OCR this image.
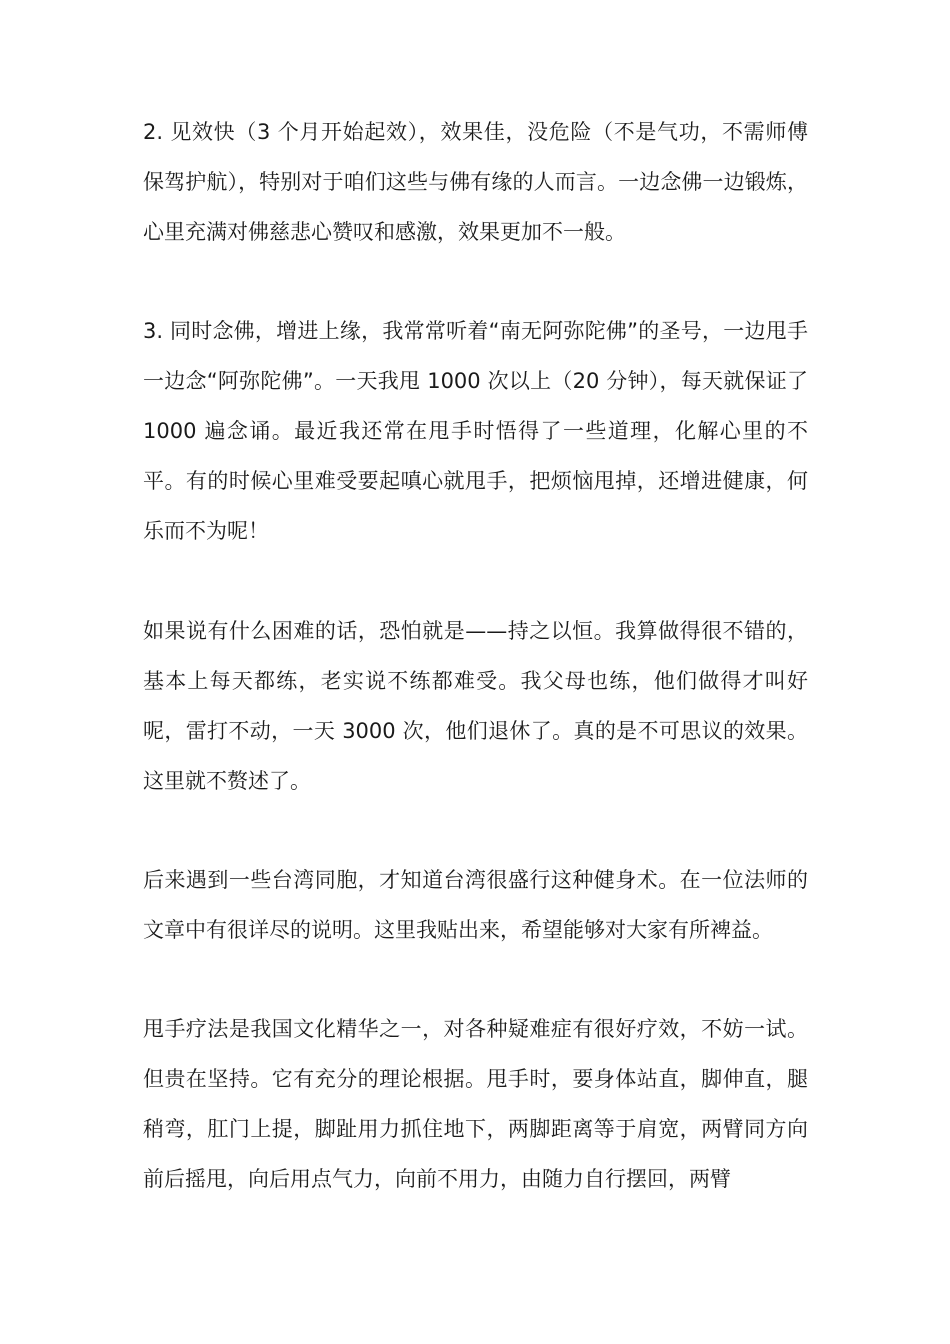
2. 见效快（3 个月开始起效），效果佳，没危险（不是气功，不需师傅保驾护航），特别对于咱们这些与佛有缘的人而言。一边念佛一边锻炼，心里充满对佛慈悲心赞叹和感激，效果更加不一般。

3. 同时念佛，增进上缘，我常常听着“南无阿弥陀佛”的圣号，一边甩手一边念“阿弥陀佛”。一天我甩 1000 次以上（20 分钟），每天就保证了 1000 遍念诵。最近我还常在甩手时悟得了一些道理，化解心里的不平。有的时候心里难受要起嗔心就甩手，把烦恼甩掉，还增进健康，何乐而不为呢！

如果说有什么困难的话，恐怕就是——持之以恒。我算做得很不错的，基本上每天都练，老实说不练都难受。我父母也练，他们做得才叫好呢，雷打不动，一天 3000 次，他们退休了。真的是不可思议的效果。这里就不赘述了。

后来遇到一些台湾同胞，才知道台湾很盛行这种健身术。在一位法师的文章中有很详尽的说明。这里我贴出来，希望能够对大家有所裨益。

甩手疗法是我国文化精华之一，对各种疑难症有很好疗效，不妨一试。但贵在坚持。它有充分的理论根据。甩手时，要身体站直，脚伸直，腿稍弯，肛门上提，脚趾用力抓住地下，两脚距离等于肩宽，两臂同方向前后摇甩，向后用点气力，向前不用力，由随力自行摆回，两臂
